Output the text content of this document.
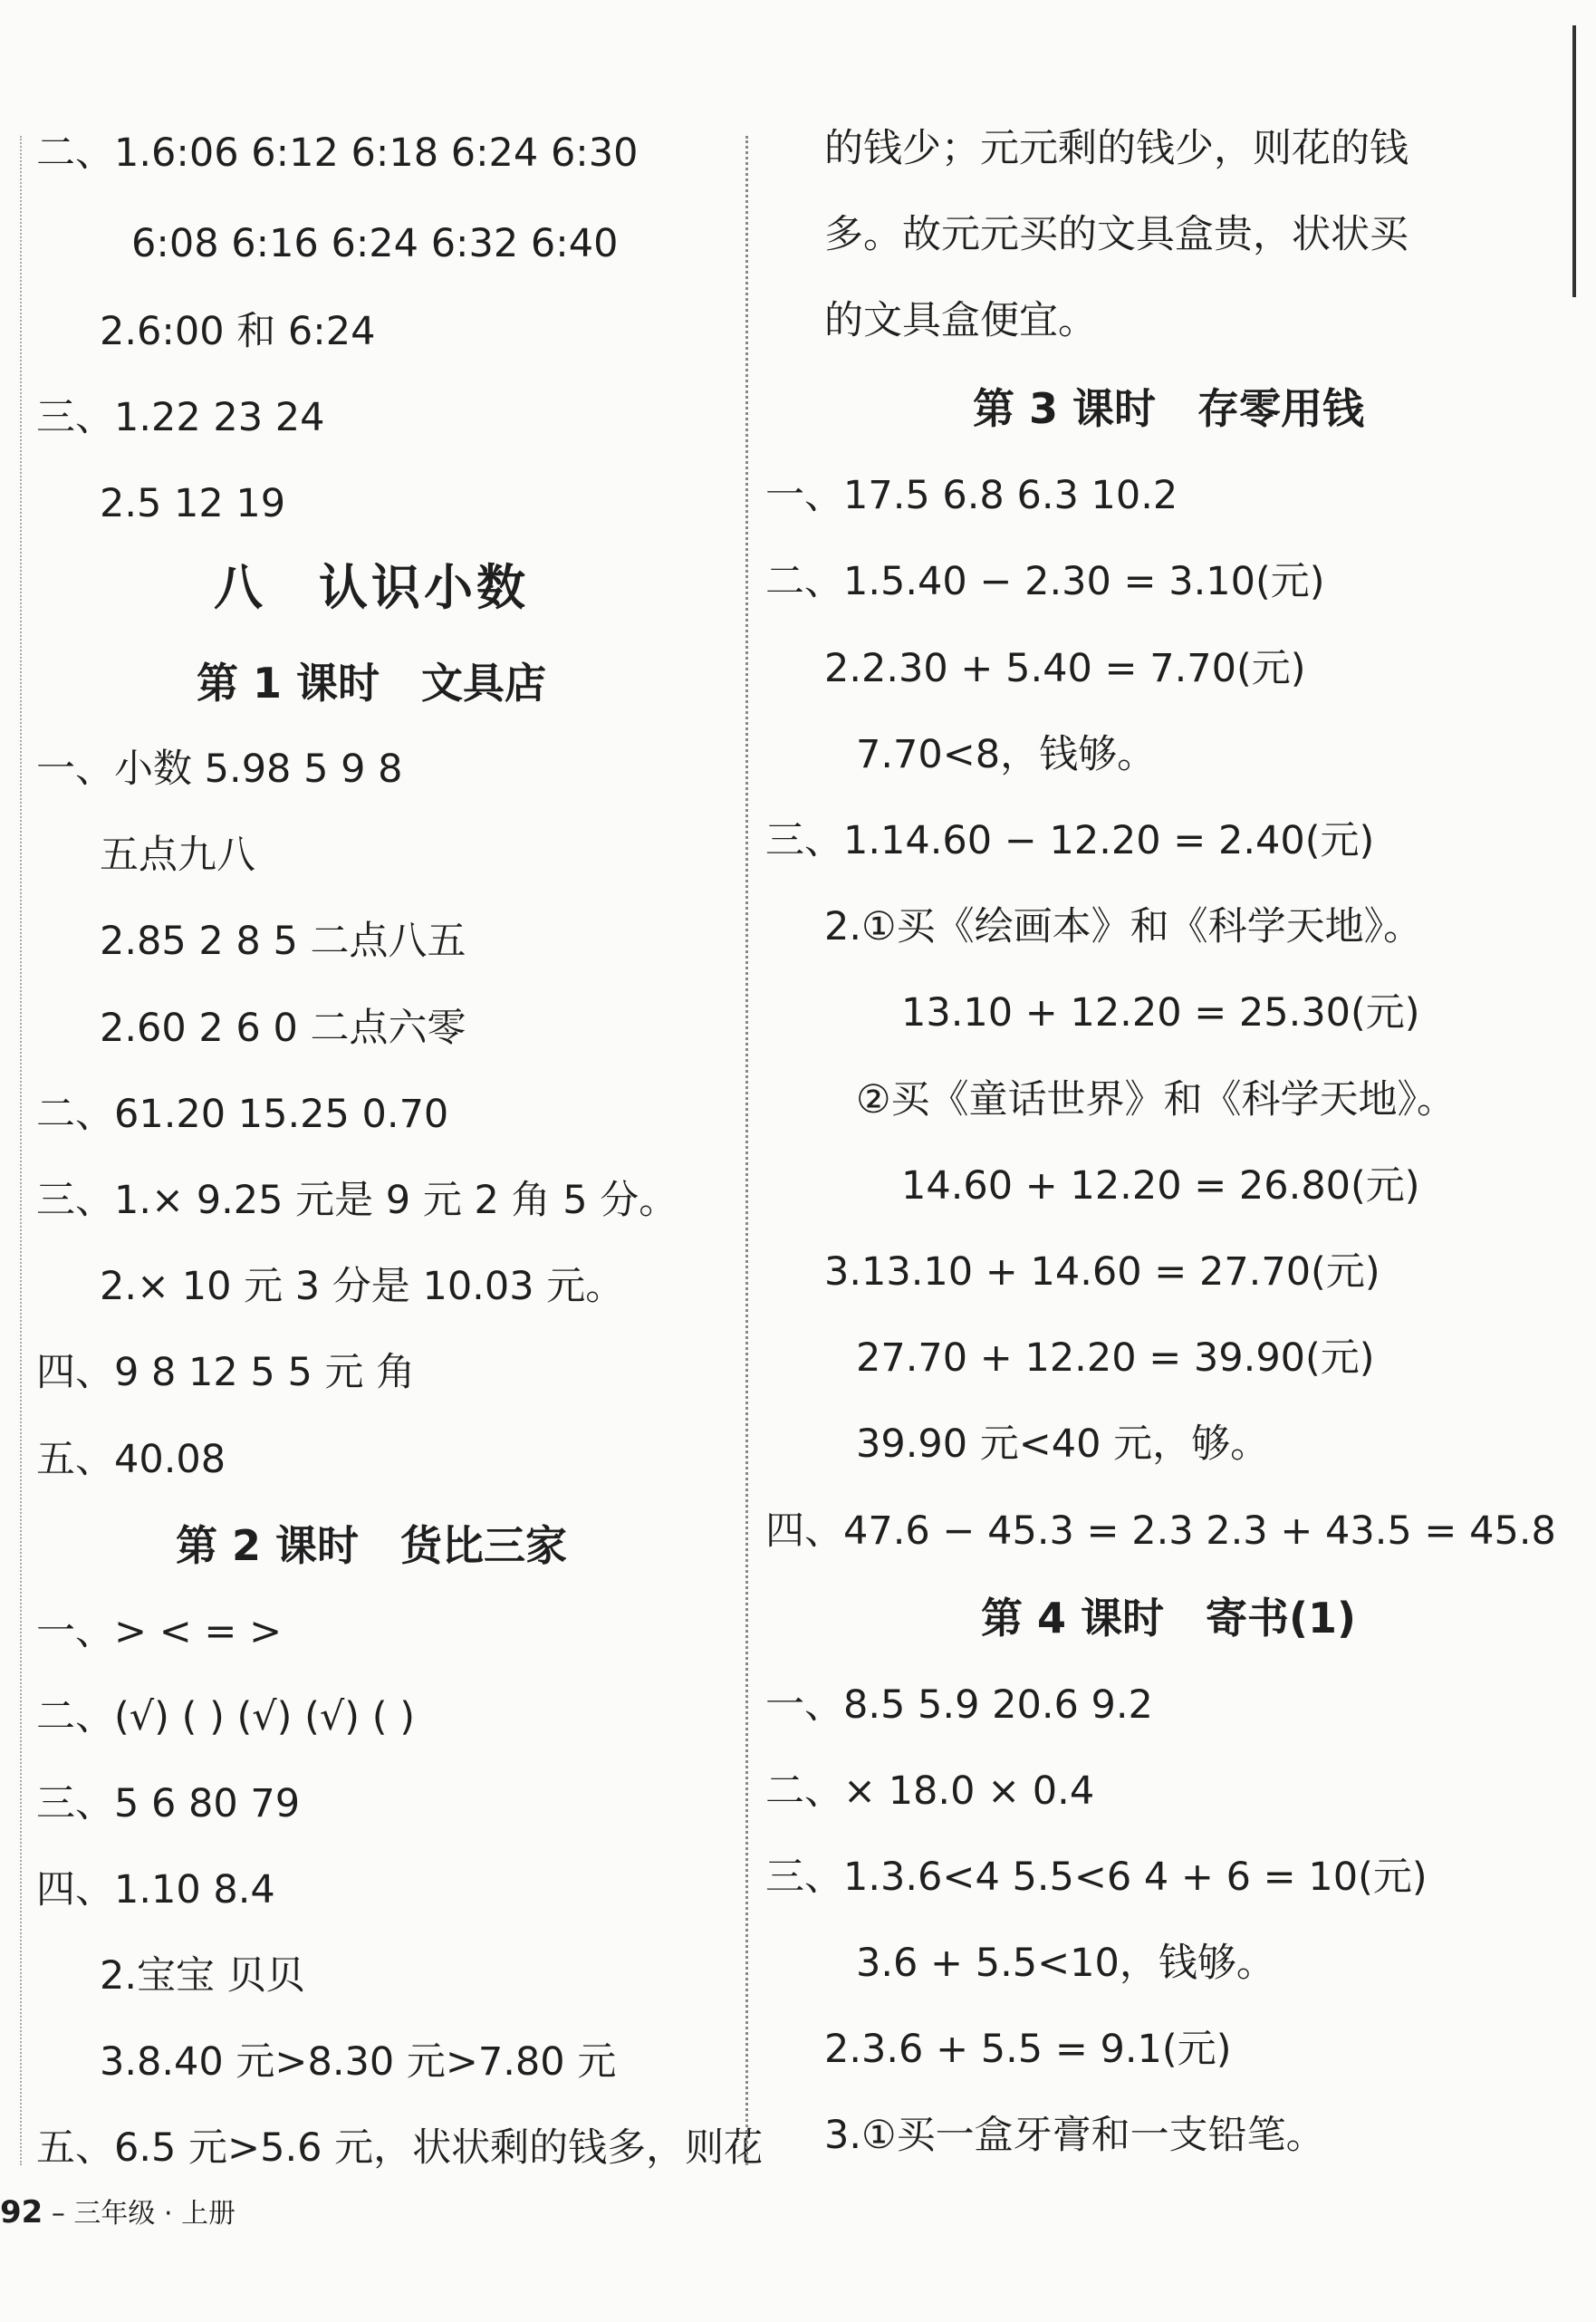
二、1.6:06 6:12 6:18 6:24 6:30
6:08 6:16 6:24 6:32 6:40
2.6:00 和 6:24
三、1.22 23 24
2.5 12 19
八　认识小数
第 1 课时　文具店
一、小数 5.98 5 9 8
五点九八
2.85 2 8 5 二点八五
2.60 2 6 0 二点六零
二、61.20 15.25 0.70
三、1.× 9.25 元是 9 元 2 角 5 分。
2.× 10 元 3 分是 10.03 元。
四、9 8 12 5 5 元 角
五、40.08
第 2 课时　货比三家
一、> < = >
二、(√) ( ) (√) (√) ( )
三、5 6 80 79
四、1.10 8.4
2.宝宝 贝贝
3.8.40 元>8.30 元>7.80 元
五、6.5 元>5.6 元，状状剩的钱多，则花
的钱少；元元剩的钱少，则花的钱
多。故元元买的文具盒贵，状状买
的文具盒便宜。
第 3 课时　存零用钱
一、17.5 6.8 6.3 10.2
二、1.5.40 − 2.30 = 3.10(元)
2.2.30 + 5.40 = 7.70(元)
7.70<8，钱够。
三、1.14.60 − 12.20 = 2.40(元)
2.①买《绘画本》和《科学天地》。
13.10 + 12.20 = 25.30(元)
②买《童话世界》和《科学天地》。
14.60 + 12.20 = 26.80(元)
3.13.10 + 14.60 = 27.70(元)
27.70 + 12.20 = 39.90(元)
39.90 元<40 元，够。
四、47.6 − 45.3 = 2.3 2.3 + 43.5 = 45.8
第 4 课时　寄书(1)
一、8.5 5.9 20.6 9.2
二、× 18.0 × 0.4
三、1.3.6<4 5.5<6 4 + 6 = 10(元)
3.6 + 5.5<10，钱够。
2.3.6 + 5.5 = 9.1(元)
3.①买一盒牙膏和一支铅笔。
92 – 三年级 · 上册
